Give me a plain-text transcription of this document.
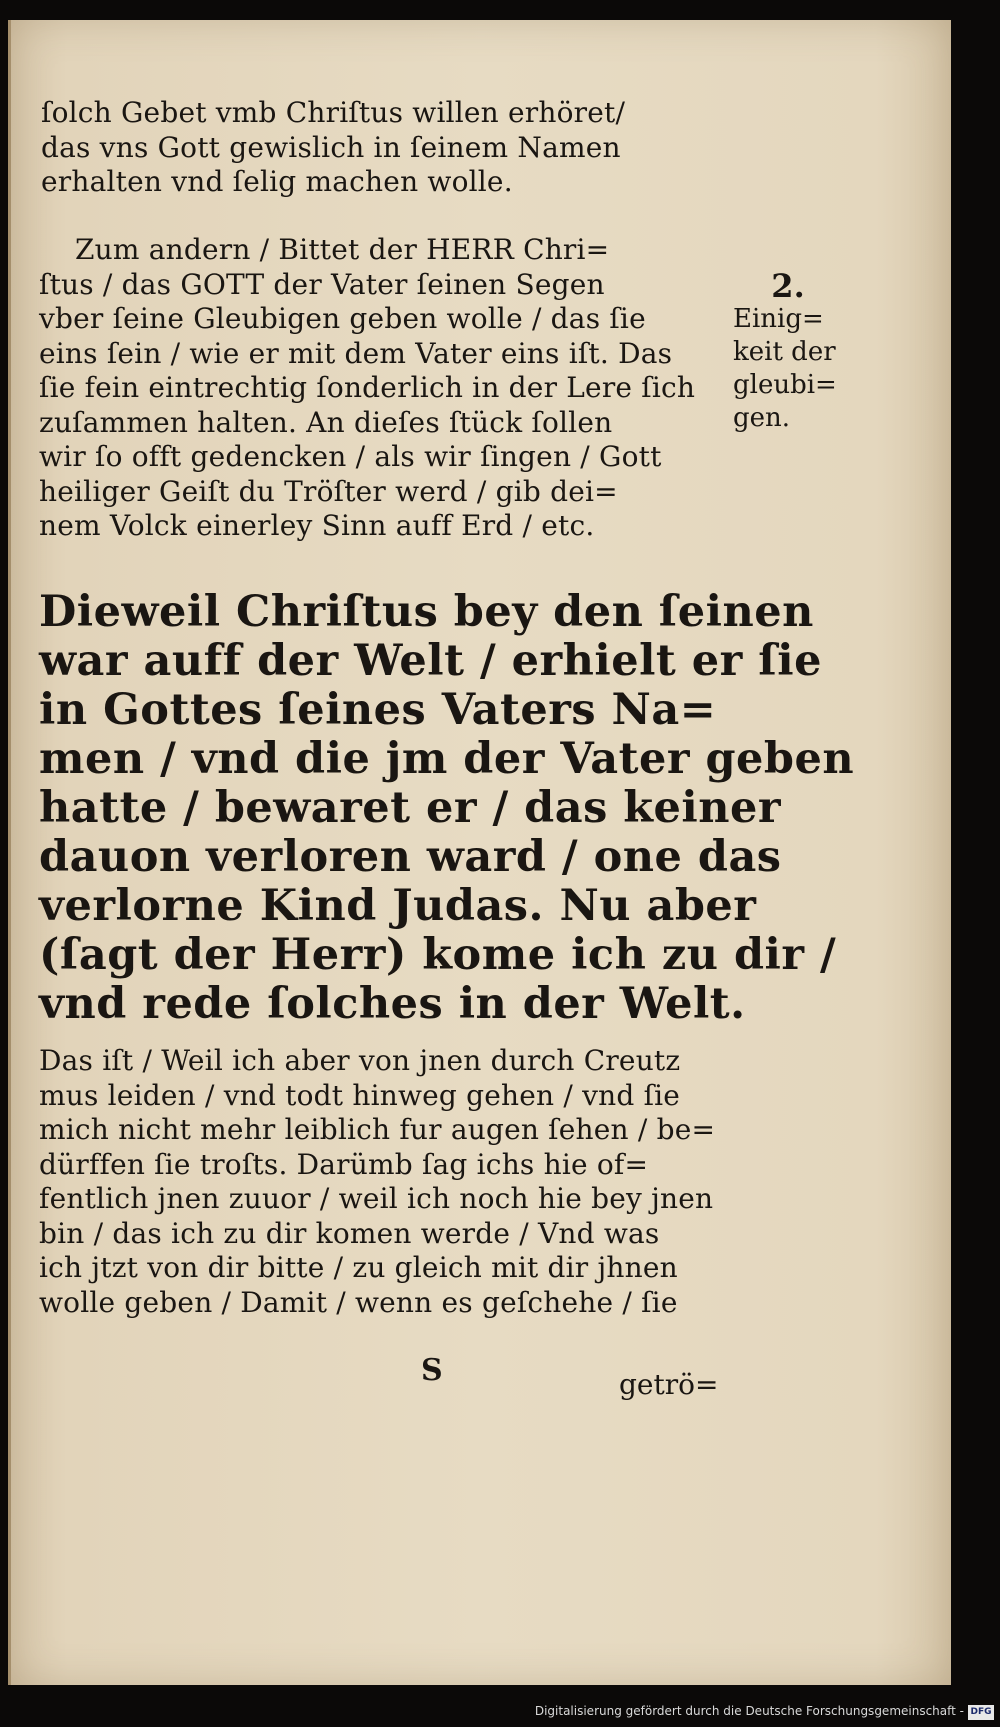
ſolch Gebet vmb Chriſtus willen erhöret/
das vns Gott gewislich in ſeinem Namen
erhalten vnd ſelig machen wolle.
Zum andern / Bittet der HERR Chri=
ſtus / das GOTT der Vater ſeinen Segen
vber ſeine Gleubigen geben wolle / das ſie
eins ſein / wie er mit dem Vater eins iſt. Das
ſie fein eintrechtig ſonderlich in der Lere ſich
zuſammen halten. An dieſes ſtück ſollen
wir ſo offt gedencken / als wir ſingen / Gott
heiliger Geiſt du Tröſter werd / gib dei=
nem Volck einerley Sinn auff Erd / etc.
Dieweil Chriſtus bey den ſeinen
war auff der Welt / erhielt er ſie
in Gottes ſeines Vaters Na=
men / vnd die jm der Vater geben
hatte / bewaret er / das keiner
dauon verloren ward / one das
verlorne Kind Judas. Nu aber
(ſagt der Herr) kome ich zu dir /
vnd rede ſolches in der Welt.
Das iſt / Weil ich aber von jnen durch Creutz
mus leiden / vnd todt hinweg gehen / vnd ſie
mich nicht mehr leiblich fur augen ſehen / be=
dürffen ſie troſts. Darümb ſag ichs hie of=
fentlich jnen zuuor / weil ich noch hie bey jnen
bin / das ich zu dir komen werde / Vnd was
ich jtzt von dir bitte / zu gleich mit dir jhnen
wolle geben / Damit / wenn es geſchehe / ſie
2.
Einig=
keit der
gleubi=
gen.
S	getrö=
Digitalisierung gefördert durch die Deutsche Forschungsgemeinschaft - DFG
